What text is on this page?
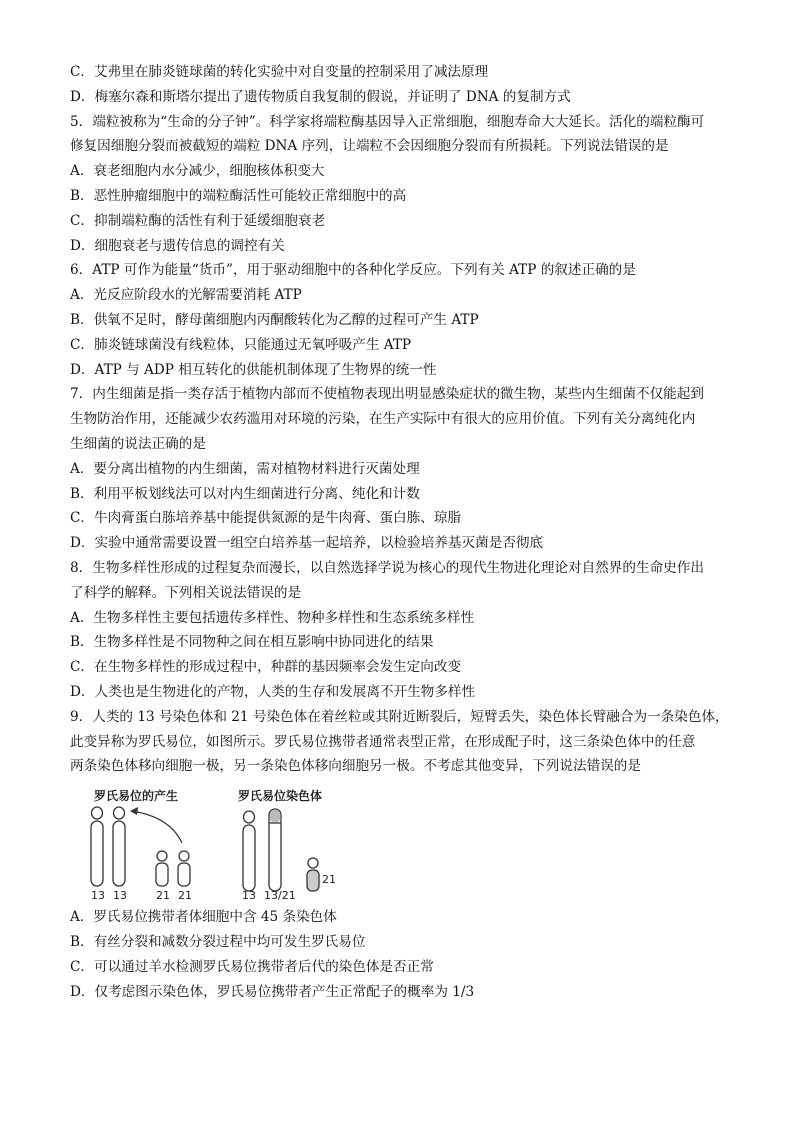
C．艾弗里在肺炎链球菌的转化实验中对自变量的控制采用了减法原理
D．梅塞尔森和斯塔尔提出了遗传物质自我复制的假说，并证明了 DNA 的复制方式
5．端粒被称为“生命的分子钟”。科学家将端粒酶基因导入正常细胞，细胞寿命大大延长。活化的端粒酶可
修复因细胞分裂而被截短的端粒 DNA 序列，让端粒不会因细胞分裂而有所损耗。下列说法错误的是
A．衰老细胞内水分减少，细胞核体积变大
B．恶性肿瘤细胞中的端粒酶活性可能较正常细胞中的高
C．抑制端粒酶的活性有利于延缓细胞衰老
D．细胞衰老与遗传信息的调控有关
6．ATP 可作为能量“货币”，用于驱动细胞中的各种化学反应。下列有关 ATP 的叙述正确的是
A．光反应阶段水的光解需要消耗 ATP
B．供氧不足时，酵母菌细胞内丙酮酸转化为乙醇的过程可产生 ATP
C．肺炎链球菌没有线粒体，只能通过无氧呼吸产生 ATP
D．ATP 与 ADP 相互转化的供能机制体现了生物界的统一性
7．内生细菌是指一类存活于植物内部而不使植物表现出明显感染症状的微生物，某些内生细菌不仅能起到
生物防治作用，还能减少农药滥用对环境的污染，在生产实际中有很大的应用价值。下列有关分离纯化内
生细菌的说法正确的是
A．要分离出植物的内生细菌，需对植物材料进行灭菌处理
B．利用平板划线法可以对内生细菌进行分离、纯化和计数
C．牛肉膏蛋白胨培养基中能提供氮源的是牛肉膏、蛋白胨、琼脂
D．实验中通常需要设置一组空白培养基一起培养，以检验培养基灭菌是否彻底
8．生物多样性形成的过程复杂而漫长，以自然选择学说为核心的现代生物进化理论对自然界的生命史作出
了科学的解释。下列相关说法错误的是
A．生物多样性主要包括遗传多样性、物种多样性和生态系统多样性
B．生物多样性是不同物种之间在相互影响中协同进化的结果
C．在生物多样性的形成过程中，种群的基因频率会发生定向改变
D．人类也是生物进化的产物，人类的生存和发展离不开生物多样性
9．人类的 13 号染色体和 21 号染色体在着丝粒或其附近断裂后，短臂丢失，染色体长臂融合为一条染色体，
此变异称为罗氏易位，如图所示。罗氏易位携带者通常表型正常，在形成配子时，这三条染色体中的任意
两条染色体移向细胞一极，另一条染色体移向细胞另一极。不考虑其他变异，下列说法错误的是
罗氏易位的产生	罗氏易位染色体
13 13	21 21	13 13/21
21
A．罗氏易位携带者体细胞中含 45 条染色体
B．有丝分裂和减数分裂过程中均可发生罗氏易位
C．可以通过羊水检测罗氏易位携带者后代的染色体是否正常
D．仅考虑图示染色体，罗氏易位携带者产生正常配子的概率为 1/3
